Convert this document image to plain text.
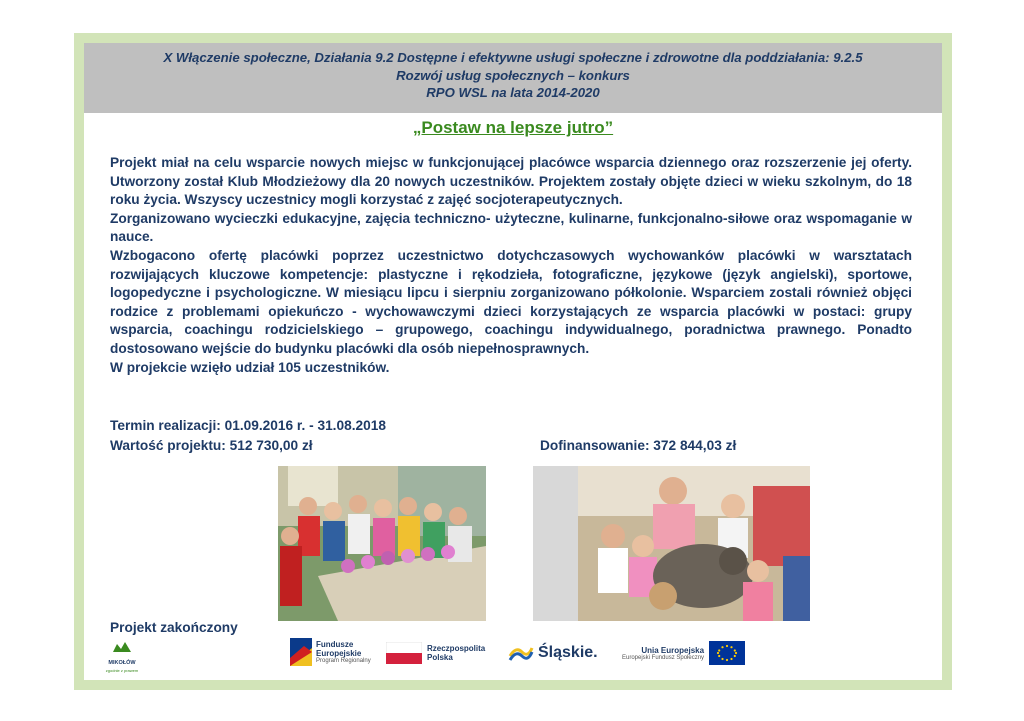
X Włączenie społeczne, Działania 9.2 Dostępne i efektywne usługi społeczne i zdrowotne dla poddziałania: 9.2.5
Rozwój usług społecznych – konkurs
RPO WSL na lata 2014-2020
„Postaw na lepsze jutro”

Projekt miał na celu wsparcie nowych miejsc w funkcjonującej placówce wsparcia dziennego oraz rozszerzenie jej oferty. Utworzony został Klub Młodzieżowy dla 20 nowych uczestników. Projektem zostały objęte dzieci w wieku szkolnym, do 18 roku życia. Wszyscy uczestnicy mogli korzystać z zajęć socjoterapeutycznych.

Zorganizowano wycieczki edukacyjne, zajęcia techniczno- użyteczne, kulinarne, funkcjonalno-siłowe oraz wspomaganie w nauce.

Wzbogacono ofertę placówki poprzez uczestnictwo dotychczasowych wychowanków placówki w warsztatach rozwijających kluczowe kompetencje: plastyczne i rękodzieła, fotograficzne, językowe (język angielski), sportowe, logopedyczne i psychologiczne. W miesiącu lipcu i sierpniu zorganizowano półkolonie. Wsparciem zostali również objęci rodzice z problemami opiekuńczo - wychowawczymi dzieci korzystających ze wsparcia placówki w postaci: grupy wsparcia, coachingu rodzicielskiego – grupowego, coachingu indywidualnego, poradnictwa prawnego. Ponadto dostosowano wejście do budynku placówki dla osób niepełnosprawnych.

W projekcie wzięło udział 105 uczestników.

Termin realizacji: 01.09.2016 r. - 31.08.2018
Wartość projektu: 512 730,00 zł	Dofinansowanie: 372 844,03 zł
Projekt zakończony
MIKOŁÓW
zgodnie z prawem
Fundusze
Europejskie
Program Regionalny
Rzeczpospolita
Polska	Śląskie.	Unia Europejska
Europejski Fundusz Społeczny
